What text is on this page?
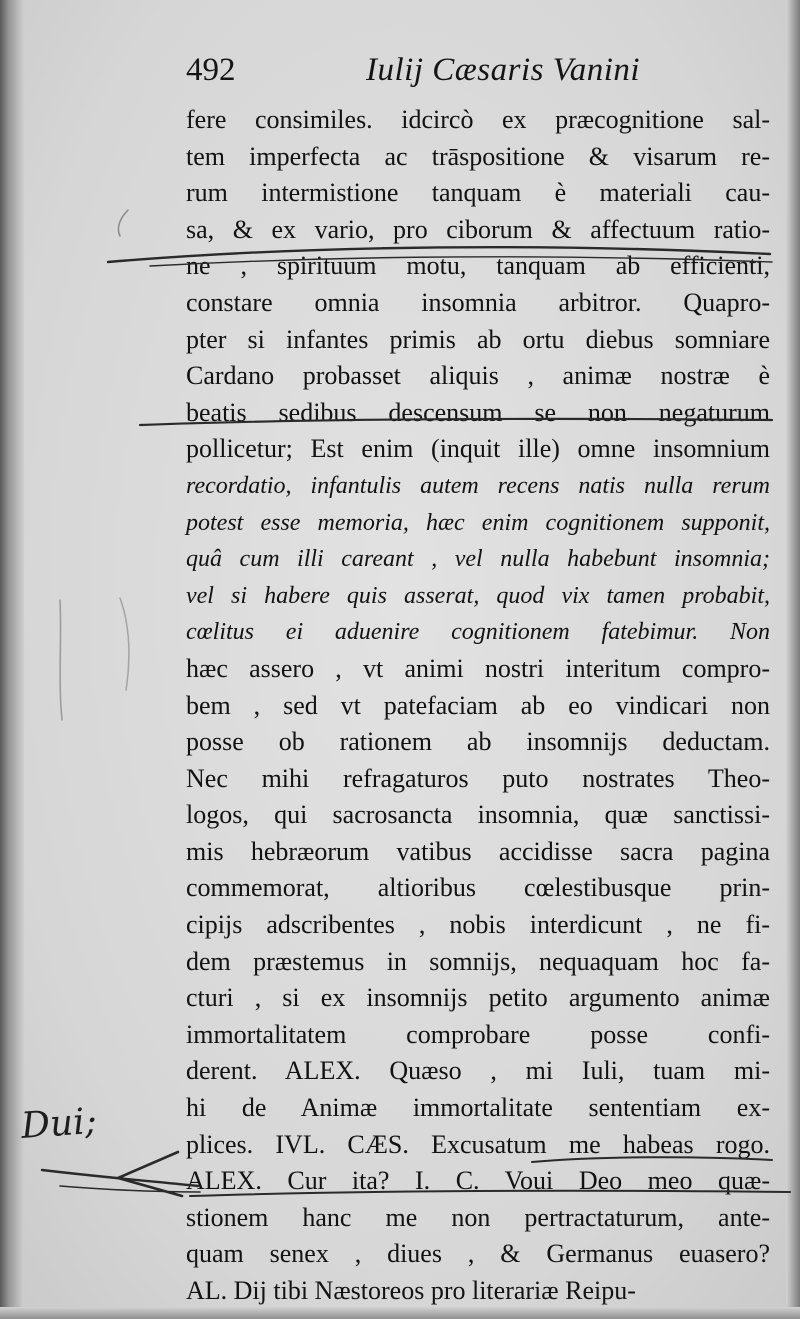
492	Iulij Cæsaris Vanini
fere consimiles. idcircò ex præcognitione sal-
tem imperfecta ac trāspositione & visarum re-
rum intermistione tanquam è materiali cau-
sa, & ex vario, pro ciborum & affectuum ratio-
ne , spirituum motu, tanquam ab efficienti,
constare omnia insomnia arbitror. Quapro-
pter si infantes primis ab ortu diebus somniare
Cardano probasset aliquis , animæ nostræ è
beatis sedibus descensum se non negaturum
pollicetur; Est enim (inquit ille) omne insomnium
recordatio, infantulis autem recens natis nulla rerum
potest esse memoria, hæc enim cognitionem supponit,
quâ cum illi careant , vel nulla habebunt insomnia;
vel si habere quis asserat, quod vix tamen probabit,
cœlitus ei aduenire cognitionem fatebimur. Non
hæc assero , vt animi nostri interitum compro-
bem , sed vt patefaciam ab eo vindicari non
posse ob rationem ab insomnijs deductam.
Nec mihi refragaturos puto nostrates Theo-
logos, qui sacrosancta insomnia, quæ sanctissi-
mis hebræorum vatibus accidisse sacra pagina
commemorat, altioribus cœlestibusque prin-
cipijs adscribentes , nobis interdicunt , ne fi-
dem præstemus in somnijs, nequaquam hoc fa-
cturi , si ex insomnijs petito argumento animæ
immortalitatem comprobare posse confi-
derent. ALEX. Quæso , mi Iuli, tuam mi-
hi de Animæ immortalitate sententiam ex-
plices. IVL. CÆS. Excusatum me habeas rogo.
ALEX. Cur ita? I. C. Voui Deo meo quæ-
stionem hanc me non pertractaturum, ante-
quam senex , diues , & Germanus euasero?
AL. Dij tibi Næstoreos pro literariæ Reipu-
Dui;
